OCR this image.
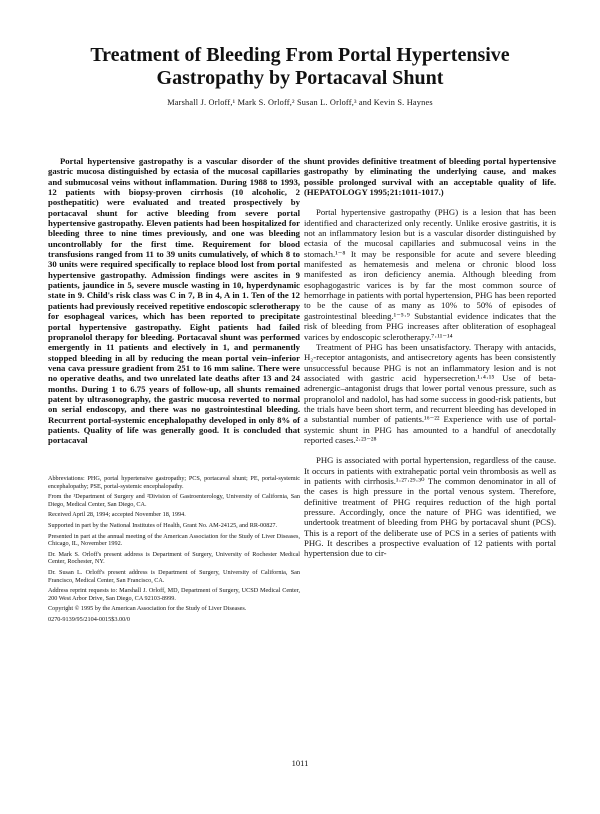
Treatment of Bleeding From Portal Hypertensive Gastropathy by Portacaval Shunt

Marshall J. Orloff,¹ Mark S. Orloff,² Susan L. Orloff,³ and Kevin S. Haynes

Portal hypertensive gastropathy is a vascular disorder of the gastric mucosa distinguished by ectasia of the mucosal capillaries and submucosal veins without inflammation. During 1988 to 1993, 12 patients with biopsy-proven cirrhosis (10 alcoholic, 2 posthepatitic) were evaluated and treated prospectively by portacaval shunt for active bleeding from severe portal hypertensive gastropathy. Eleven patients had been hospitalized for bleeding three to nine times previously, and one was bleeding uncontrollably for the first time. Requirement for blood transfusions ranged from 11 to 39 units cumulatively, of which 8 to 30 units were required specifically to replace blood lost from portal hypertensive gastropathy. Admission findings were ascites in 9 patients, jaundice in 5, severe muscle wasting in 10, hyperdynamic state in 9. Child's risk class was C in 7, B in 4, A in 1. Ten of the 12 patients had previously received repetitive endoscopic sclerotherapy for esophageal varices, which has been reported to precipitate portal hypertensive gastropathy. Eight patients had failed propranolol therapy for bleeding. Portacaval shunt was performed emergently in 11 patients and electively in 1, and permanently stopped bleeding in all by reducing the mean portal vein–inferior vena cava pressure gradient from 251 to 16 mm saline. There were no operative deaths, and two unrelated late deaths after 13 and 24 months. During 1 to 6.75 years of follow-up, all shunts remained patent by ultrasonography, the gastric mucosa reverted to normal on serial endoscopy, and there was no gastrointestinal bleeding. Recurrent portal-systemic encephalopathy developed in only 8% of patients. Quality of life was generally good. It is concluded that portacaval

Abbreviations: PHG, portal hypertensive gastropathy; PCS, portacaval shunt; PE, portal-systemic encephalopathy; PSE, portal-systemic encephalopathy.

From the ¹Department of Surgery and ²Division of Gastroenterology, University of California, San Diego, Medical Center, San Diego, CA.

Received April 28, 1994; accepted November 18, 1994.

Supported in part by the National Institutes of Health, Grant No. AM-24125, and RR-00827.

Presented in part at the annual meeting of the American Association for the Study of Liver Diseases, Chicago, IL, November 1992.

Dr. Mark S. Orloff's present address is Department of Surgery, University of Rochester Medical Center, Rochester, NY.

Dr. Susan L. Orloff's present address is Department of Surgery, University of California, San Francisco, Medical Center, San Francisco, CA.

Address reprint requests to: Marshall J. Orloff, MD, Department of Surgery, UCSD Medical Center, 200 West Arbor Drive, San Diego, CA 92103-8999.

Copyright © 1995 by the American Association for the Study of Liver Diseases.

0270-9139/95/2104-0015$3.00/0

shunt provides definitive treatment of bleeding portal hypertensive gastropathy by eliminating the underlying cause, and makes possible prolonged survival with an acceptable quality of life. (HEPATOLOGY 1995;21:1011-1017.)

Portal hypertensive gastropathy (PHG) is a lesion that has been identified and characterized only recently. Unlike erosive gastritis, it is not an inflammatory lesion but is a vascular disorder distinguished by ectasia of the mucosal capillaries and submucosal veins in the stomach.¹⁻⁸ It may be responsible for acute and severe bleeding manifested as hematemesis and melena or chronic blood loss manifested as iron deficiency anemia. Although bleeding from esophagogastric varices is by far the most common source of hemorrhage in patients with portal hypertension, PHG has been reported to be the cause of as many as 10% to 50% of episodes of gastrointestinal bleeding.¹⁻⁵·⁹ Substantial evidence indicates that the risk of bleeding from PHG increases after obliteration of esophageal varices by endoscopic sclerotherapy.⁷·¹¹⁻¹⁴

Treatment of PHG has been unsatisfactory. Therapy with antacids, H₂-receptor antagonists, and antisecretory agents has been consistently unsuccessful because PHG is not an inflammatory lesion and is not associated with gastric acid hypersecretion.¹·⁴·¹⁵ Use of beta-adrenergic–antagonist drugs that lower portal venous pressure, such as propranolol and nadolol, has had some success in good-risk patients, but the trials have been short term, and recurrent bleeding has developed in a substantial number of patients.¹⁶⁻²² Experience with use of portal-systemic shunt in PHG has amounted to a handful of anecdotally reported cases.²·²³⁻²⁸

PHG is associated with portal hypertension, regardless of the cause. It occurs in patients with extrahepatic portal vein thrombosis as well as in patients with cirrhosis.¹·²⁷·²⁹·³⁰ The common denominator in all of the cases is high pressure in the portal venous system. Therefore, definitive treatment of PHG requires reduction of the high portal pressure. Accordingly, once the nature of PHG was identified, we undertook treatment of bleeding from PHG by portacaval shunt (PCS). This is a report of the deliberate use of PCS in a series of patients with PHG. It describes a prospective evaluation of 12 patients with portal hypertension due to cir-

1011
